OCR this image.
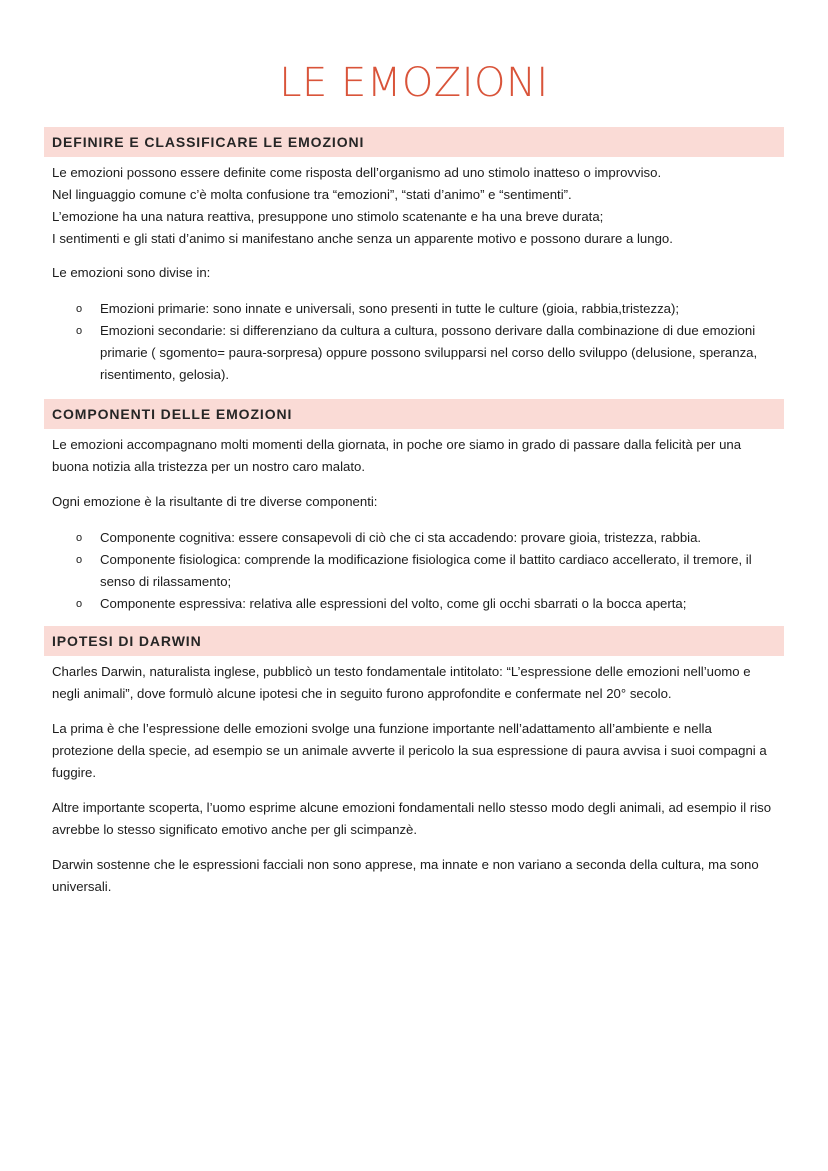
LE EMOZIONI
DEFINIRE E CLASSIFICARE LE EMOZIONI

Le emozioni possono essere definite come risposta dell’organismo ad uno stimolo inatteso o improvviso.

Nel linguaggio comune c’è molta confusione tra “emozioni”, “stati d’animo” e “sentimenti”.

L’emozione ha una natura reattiva, presuppone uno stimolo scatenante e ha una breve durata;

I sentimenti e gli stati d’animo si manifestano anche senza un apparente motivo e possono durare a lungo.

Le emozioni sono divise in:

o Emozioni primarie: sono innate e universali, sono presenti in tutte le culture (gioia, rabbia,tristezza);
o Emozioni secondarie: si differenziano da cultura a cultura, possono derivare dalla combinazione di due emozioni primarie ( sgomento= paura-sorpresa) oppure possono svilupparsi nel corso dello sviluppo (delusione, speranza, risentimento, gelosia).
COMPONENTI DELLE EMOZIONI

Le emozioni accompagnano molti momenti della giornata, in poche ore siamo in grado di passare dalla felicità per una buona notizia alla tristezza per un nostro caro malato.

Ogni emozione è la risultante di tre diverse componenti:

o Componente cognitiva: essere consapevoli di ciò che ci sta accadendo: provare gioia, tristezza, rabbia.
o Componente fisiologica: comprende la modificazione fisiologica come il battito cardiaco accellerato, il tremore, il senso di rilassamento;
o Componente espressiva: relativa alle espressioni del volto, come gli occhi sbarrati o la bocca aperta;
IPOTESI DI DARWIN

Charles Darwin, naturalista inglese, pubblicò un testo fondamentale intitolato: “L’espressione delle emozioni nell’uomo e negli animali”, dove formulò alcune ipotesi che in seguito furono approfondite e confermate nel 20° secolo.

La prima è che l’espressione delle emozioni svolge una funzione importante nell’adattamento all’ambiente e nella protezione della specie, ad esempio se un animale avverte il pericolo la sua espressione di paura avvisa i suoi compagni a fuggire.

Altre importante scoperta, l’uomo esprime alcune emozioni fondamentali nello stesso modo degli animali, ad esempio il riso avrebbe lo stesso significato emotivo anche per gli scimpanzè.

Darwin sostenne che le espressioni facciali non sono apprese, ma innate e non variano a seconda della cultura, ma sono universali.
